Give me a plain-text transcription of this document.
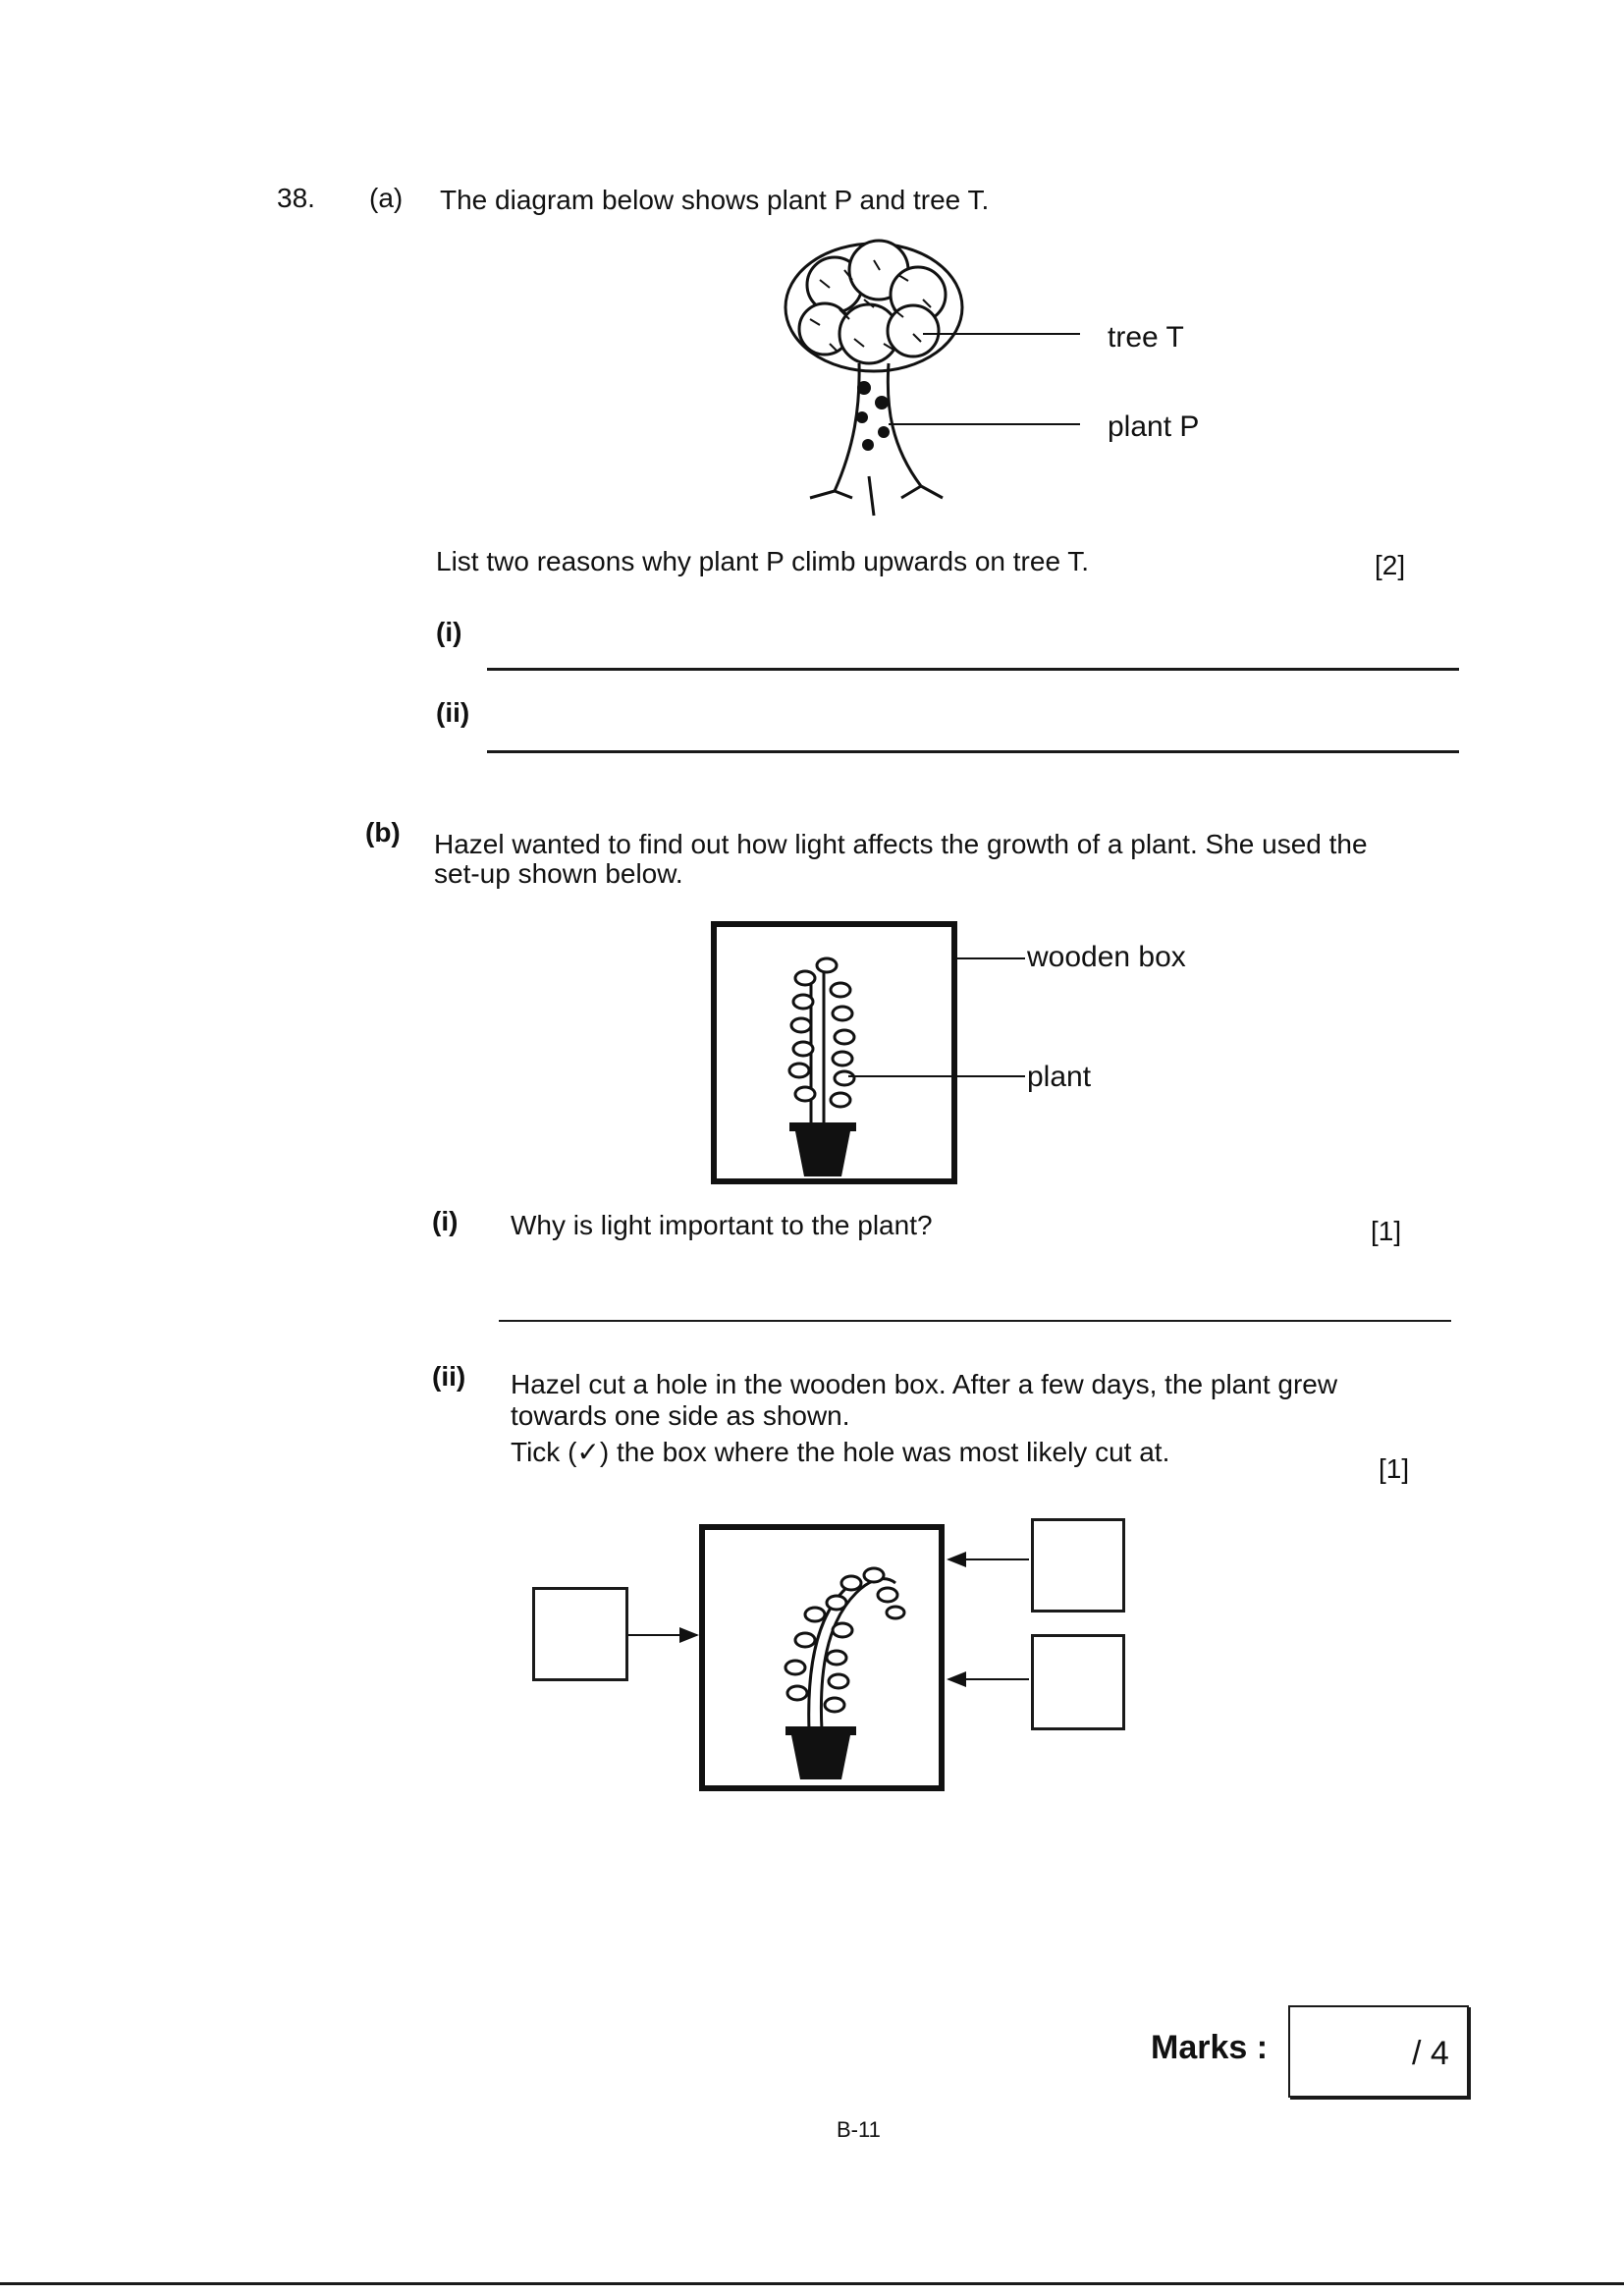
38. (a) The diagram below shows plant P and tree T.
tree T
plant P
List two reasons why plant P climb upwards on tree T.	[2]
(i)
(ii)
(b) Hazel wanted to find out how light affects the growth of a plant. She used the
set-up shown below.
wooden box
plant
(i) Why is light important to the plant?	[1]
(ii) Hazel cut a hole in the wooden box. After a few days, the plant grew
towards one side as shown.
Tick (✓) the box where the hole was most likely cut at.
[1]
Marks :	/ 4
B-11
